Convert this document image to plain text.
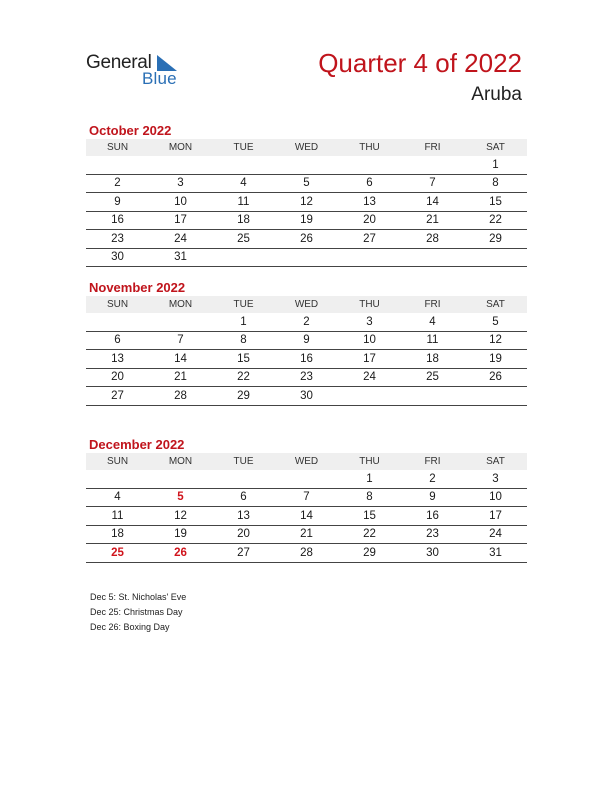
General
Blue
Quarter 4 of 2022
Aruba
October 2022
SUN	MON	TUE	WED	THU	FRI	SAT
						1
2	3	4	5	6	7	8
9	10	11	12	13	14	15
16	17	18	19	20	21	22
23	24	25	26	27	28	29
30	31					
November 2022
SUN	MON	TUE	WED	THU	FRI	SAT
		1	2	3	4	5
6	7	8	9	10	11	12
13	14	15	16	17	18	19
20	21	22	23	24	25	26
27	28	29	30			
December 2022
SUN	MON	TUE	WED	THU	FRI	SAT
				1	2	3
4	5	6	7	8	9	10
11	12	13	14	15	16	17
18	19	20	21	22	23	24
25	26	27	28	29	30	31
Dec 5: St. Nicholas' Eve
Dec 25: Christmas Day
Dec 26: Boxing Day
